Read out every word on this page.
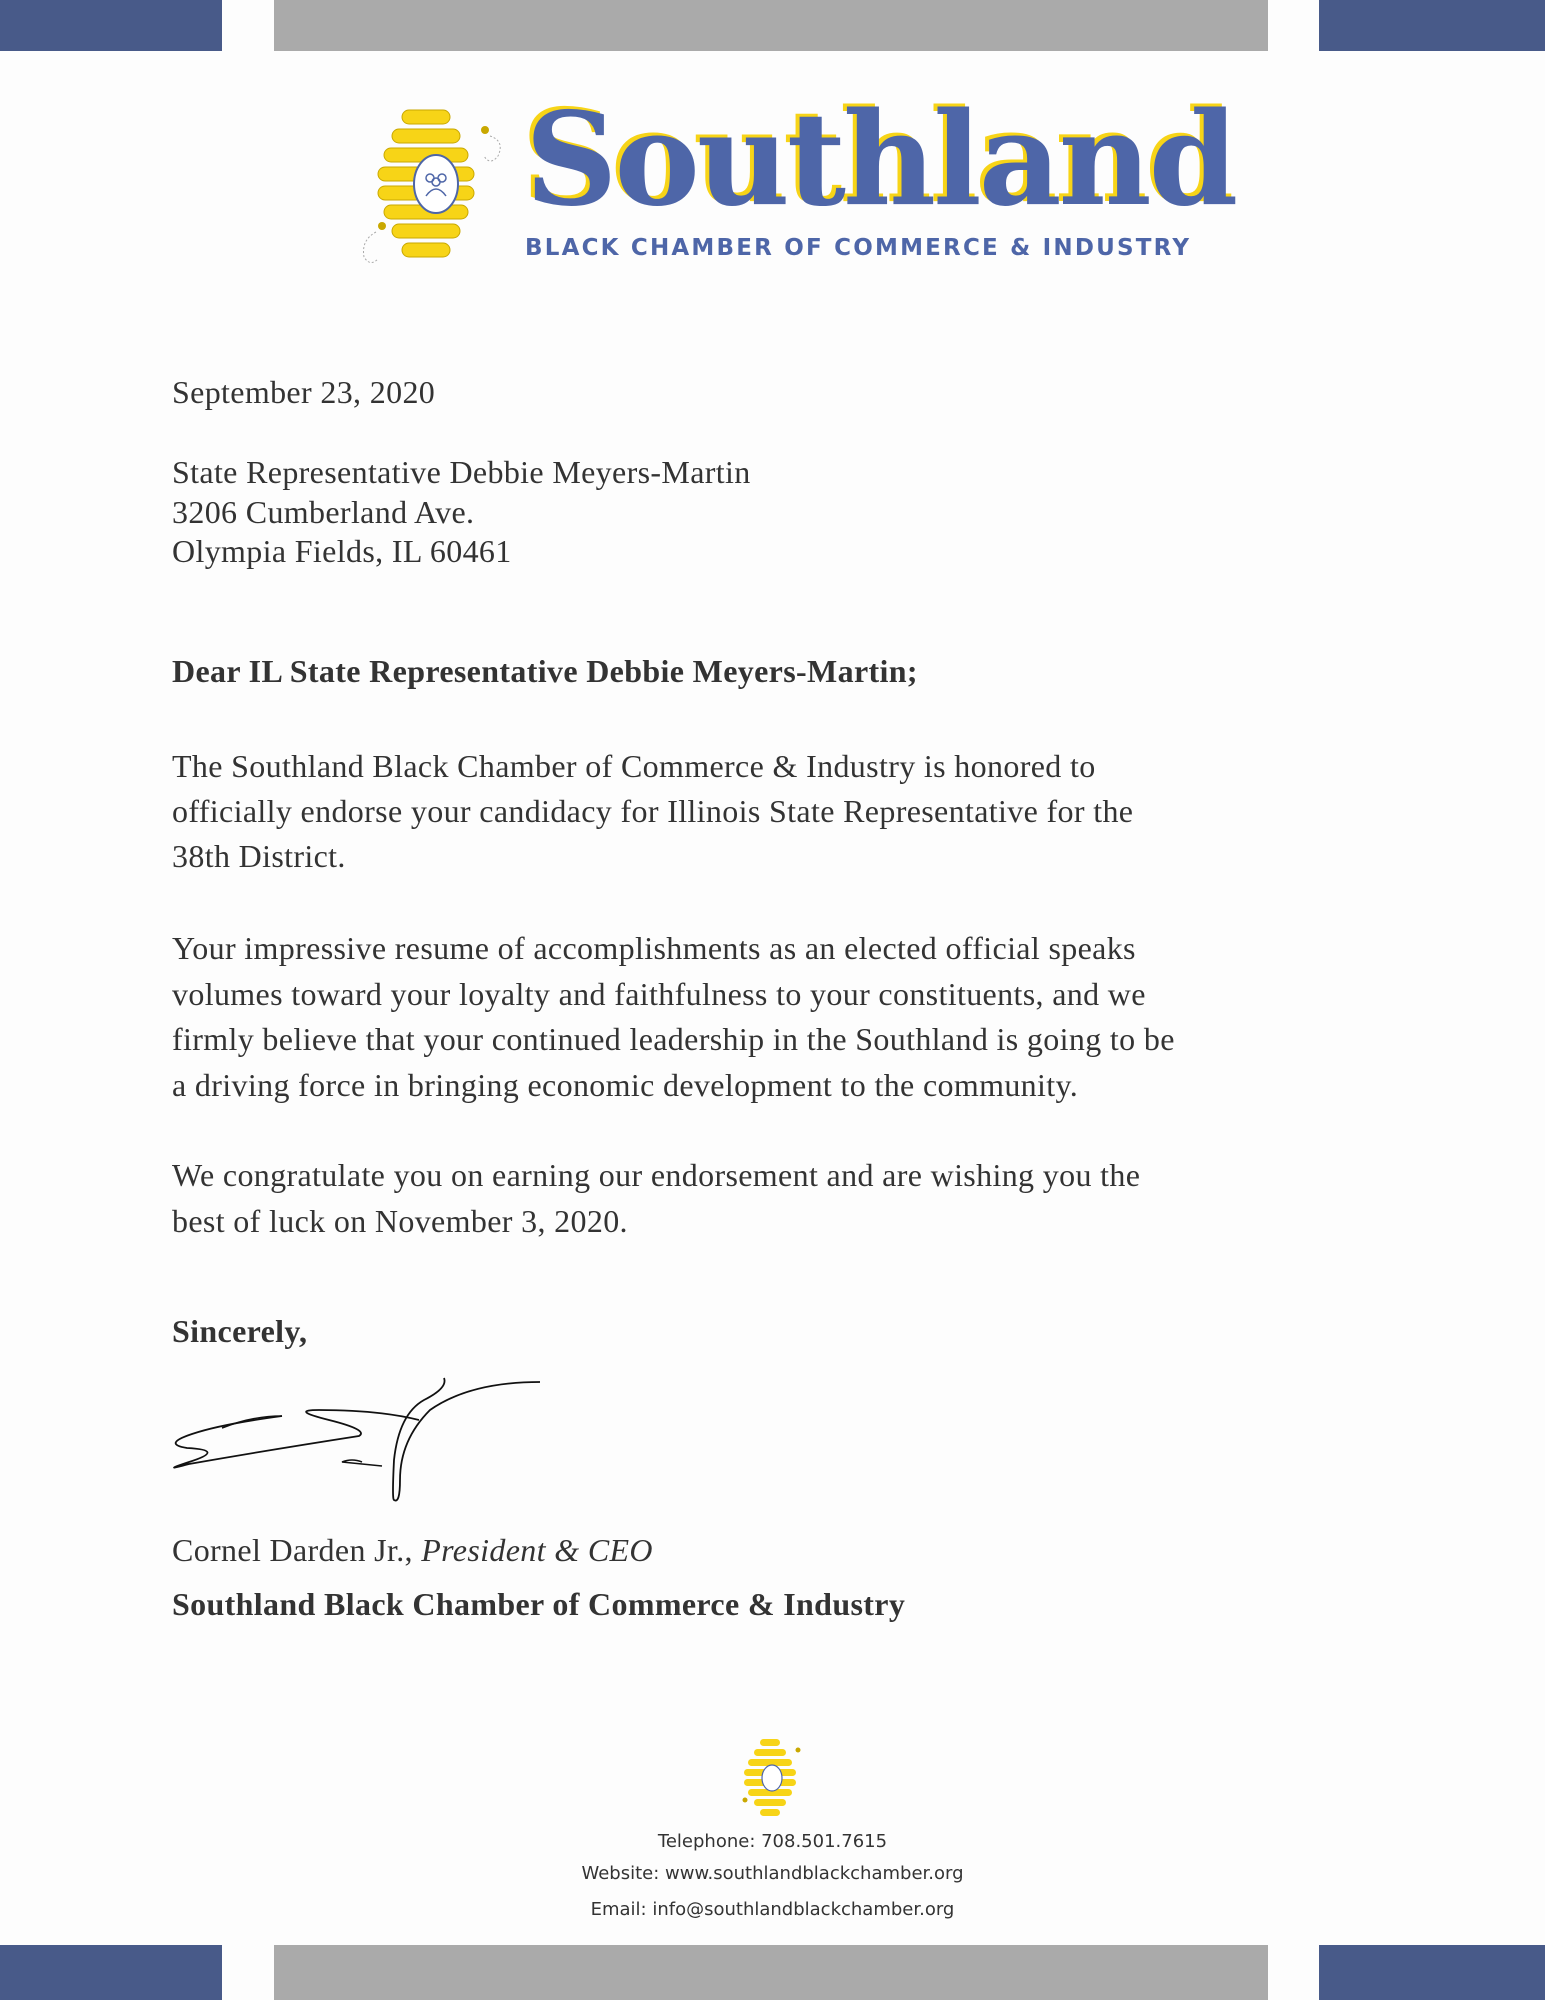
Southland
BLACK CHAMBER OF COMMERCE & INDUSTRY
September 23, 2020
State Representative Debbie Meyers-Martin
3206 Cumberland Ave.
Olympia Fields, IL 60461
Dear IL State Representative Debbie Meyers-Martin;
The Southland Black Chamber of Commerce & Industry is honored to
officially endorse your candidacy for Illinois State Representative for the
38th District.
Your impressive resume of accomplishments as an elected official speaks
volumes toward your loyalty and faithfulness to your constituents, and we
firmly believe that your continued leadership in the Southland is going to be
a driving force in bringing economic development to the community.
We congratulate you on earning our endorsement and are wishing you the
best of luck on November 3, 2020.
Sincerely,
Cornel Darden Jr., President & CEO
Southland Black Chamber of Commerce & Industry
Telephone: 708.501.7615
Website: www.southlandblackchamber.org
Email: info@southlandblackchamber.org
